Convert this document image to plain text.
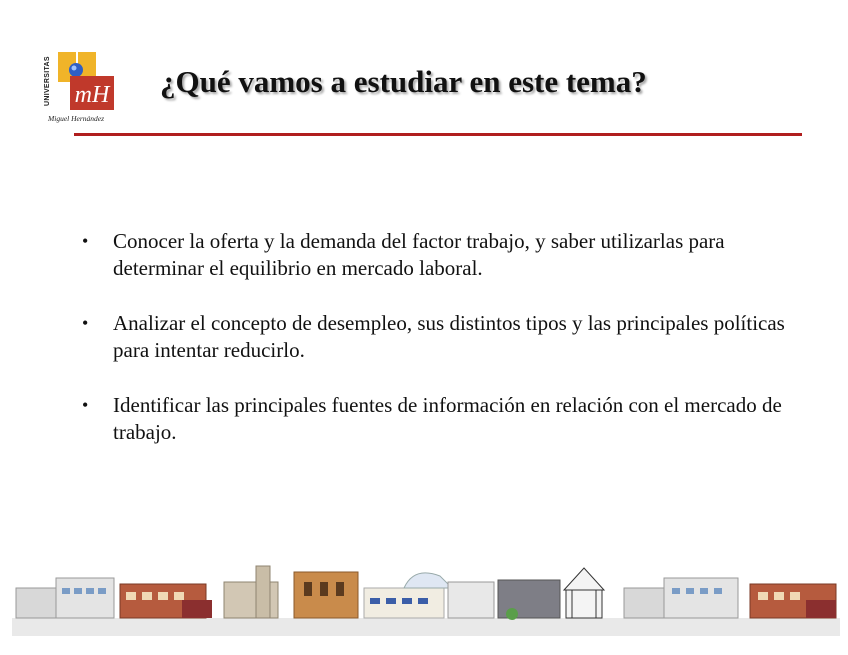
UNIVERSITAS mH
Miguel Hernández
¿Qué vamos a estudiar en este tema?
• Conocer la oferta y la demanda del factor trabajo, y saber utilizarlas para determinar el equilibrio en mercado laboral.
• Analizar el concepto de desempleo, sus distintos tipos y las principales políticas para intentar reducirlo.
• Identificar las principales fuentes de información en relación con el mercado de trabajo.
